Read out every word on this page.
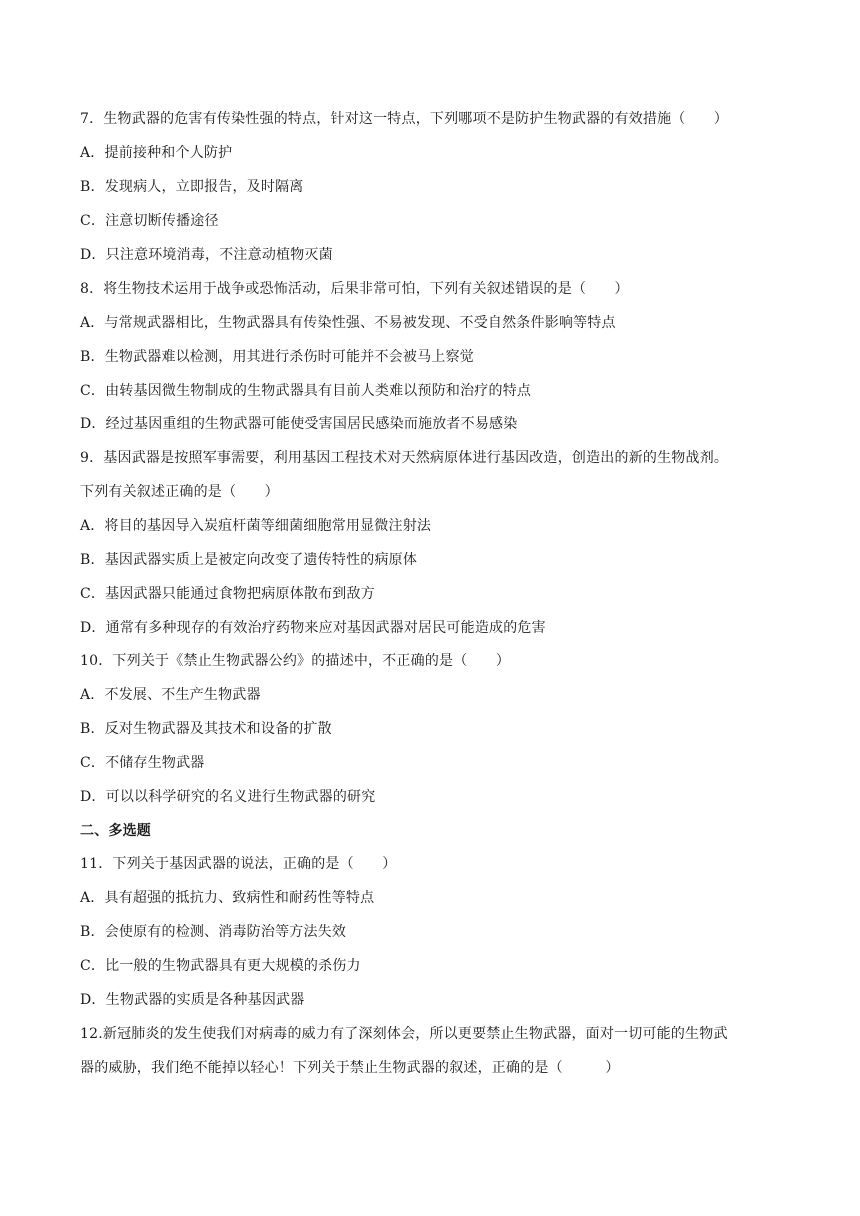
7．生物武器的危害有传染性强的特点，针对这一特点，下列哪项不是防护生物武器的有效措施（　　）
A．提前接种和个人防护
B．发现病人，立即报告，及时隔离
C．注意切断传播途径
D．只注意环境消毒，不注意动植物灭菌
8．将生物技术运用于战争或恐怖活动，后果非常可怕，下列有关叙述错误的是（　　）
A．与常规武器相比，生物武器具有传染性强、不易被发现、不受自然条件影响等特点
B．生物武器难以检测，用其进行杀伤时可能并不会被马上察觉
C．由转基因微生物制成的生物武器具有目前人类难以预防和治疗的特点
D．经过基因重组的生物武器可能使受害国居民感染而施放者不易感染
9．基因武器是按照军事需要，利用基因工程技术对天然病原体进行基因改造，创造出的新的生物战剂。
下列有关叙述正确的是（　　）
A．将目的基因导入炭疽杆菌等细菌细胞常用显微注射法
B．基因武器实质上是被定向改变了遗传特性的病原体
C．基因武器只能通过食物把病原体散布到敌方
D．通常有多种现存的有效治疗药物来应对基因武器对居民可能造成的危害
10．下列关于《禁止生物武器公约》的描述中，不正确的是（　　）
A．不发展、不生产生物武器
B．反对生物武器及其技术和设备的扩散
C．不储存生物武器
D．可以以科学研究的名义进行生物武器的研究
二、多选题
11．下列关于基因武器的说法，正确的是（　　）
A．具有超强的抵抗力、致病性和耐药性等特点
B．会使原有的检测、消毒防治等方法失效
C．比一般的生物武器具有更大规模的杀伤力
D．生物武器的实质是各种基因武器
12.新冠肺炎的发生使我们对病毒的威力有了深刻体会，所以更要禁止生物武器，面对一切可能的生物武
器的威胁，我们绝不能掉以轻心！下列关于禁止生物武器的叙述，正确的是（　　　）
